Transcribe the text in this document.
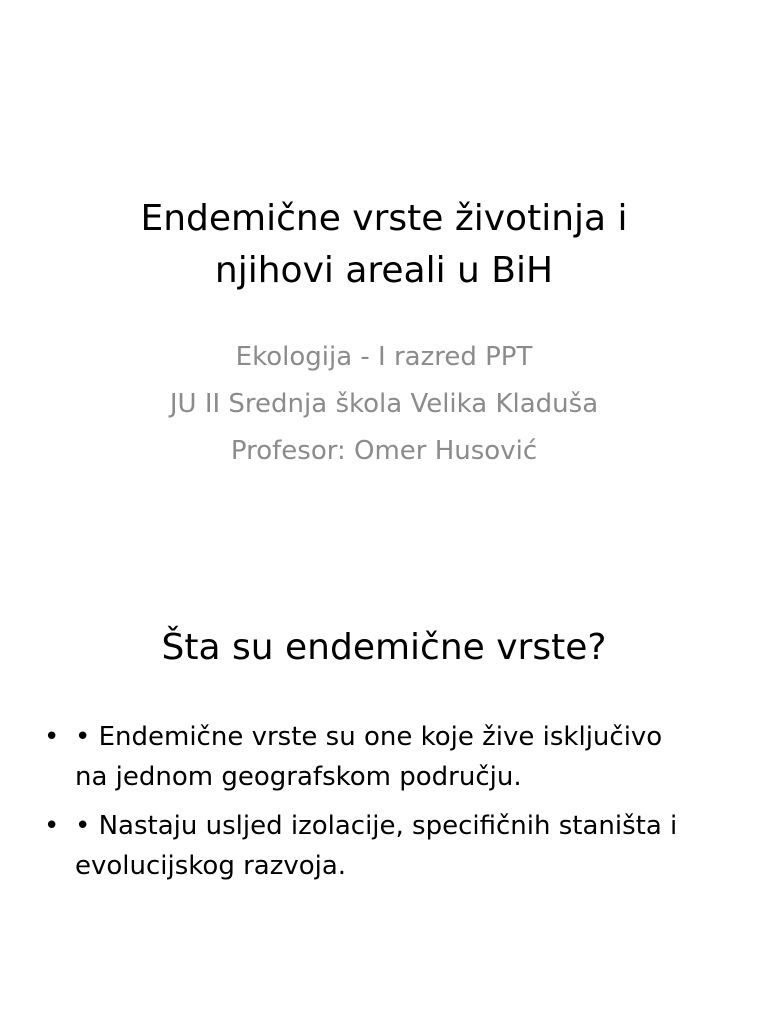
Endemične vrste životinja i
njihovi areali u BiH
Ekologija - I razred PPT
JU II Srednja škola Velika Kladuša
Profesor: Omer Husović
Šta su endemične vrste?
• • Endemične vrste su one koje žive isključivo
na jednom geografskom području.
• • Nastaju usljed izolacije, specifičnih staništa i
evolucijskog razvoja.
